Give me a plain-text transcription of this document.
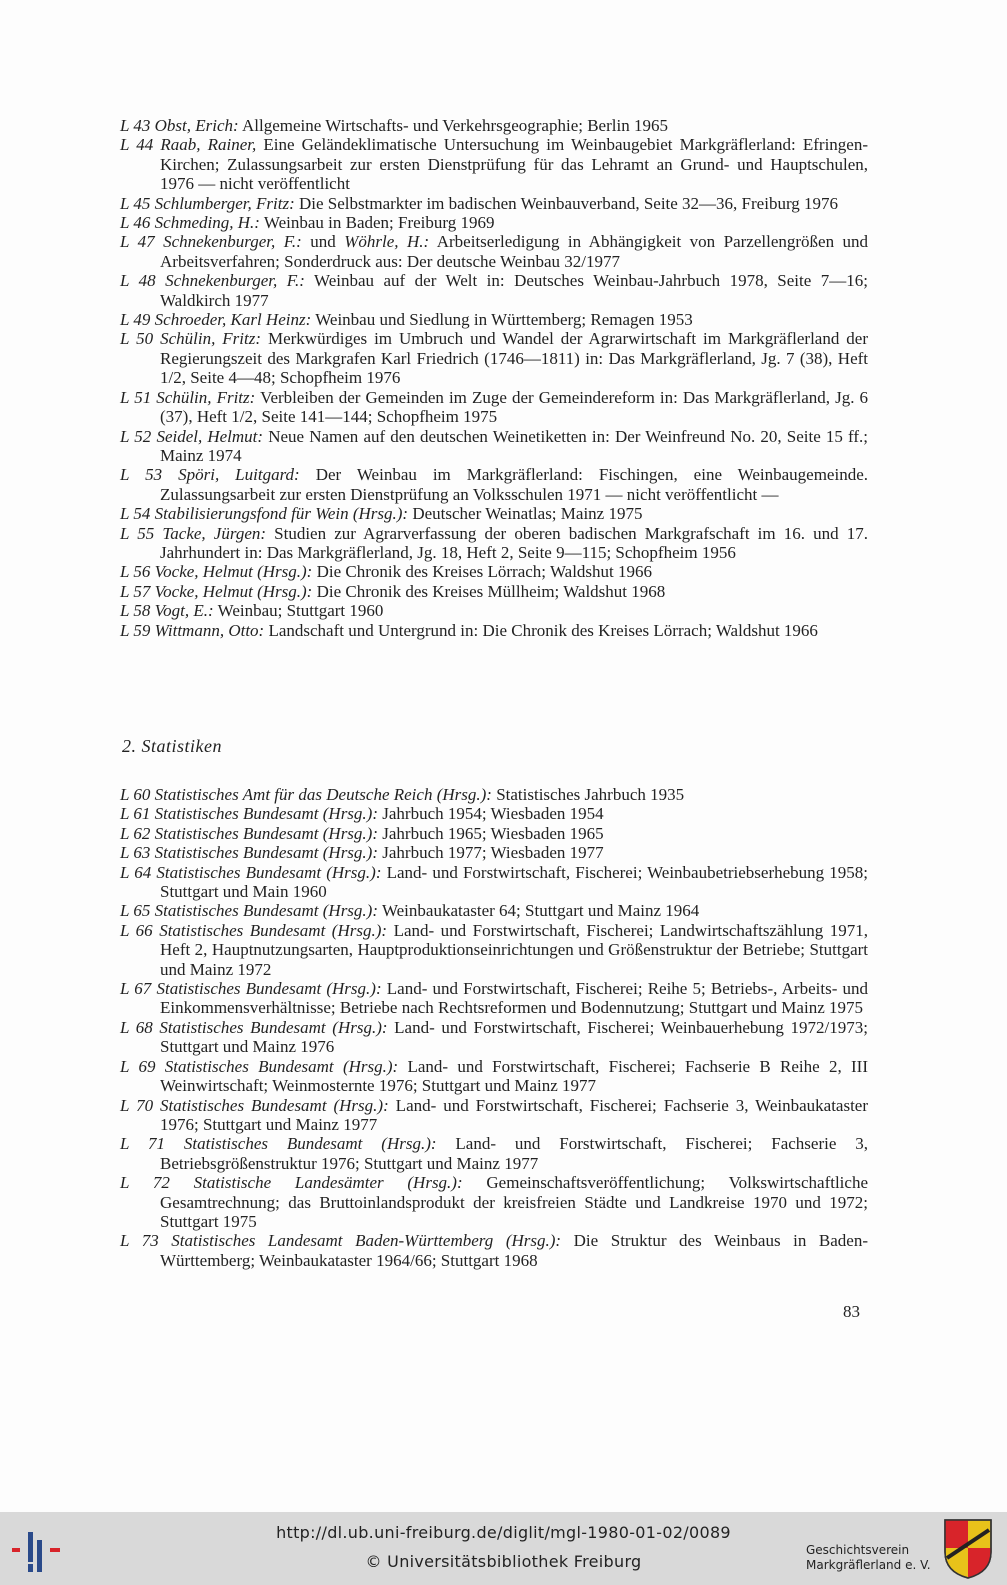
L 43 Obst, Erich: Allgemeine Wirtschafts- und Verkehrsgeographie; Berlin 1965
L 44 Raab, Rainer, Eine Geländeklimatische Untersuchung im Weinbaugebiet Markgräflerland: Efringen-Kirchen; Zulassungsarbeit zur ersten Dienstprüfung für das Lehramt an Grund- und Hauptschulen, 1976 — nicht veröffentlicht
L 45 Schlumberger, Fritz: Die Selbstmarkter im badischen Weinbauverband, Seite 32—36, Freiburg 1976
L 46 Schmeding, H.: Weinbau in Baden; Freiburg 1969
L 47 Schnekenburger, F.: und Wöhrle, H.: Arbeitserledigung in Abhängigkeit von Parzellengrößen und Arbeitsverfahren; Sonderdruck aus: Der deutsche Weinbau 32/1977
L 48 Schnekenburger, F.: Weinbau auf der Welt in: Deutsches Weinbau-Jahrbuch 1978, Seite 7—16; Waldkirch 1977
L 49 Schroeder, Karl Heinz: Weinbau und Siedlung in Württemberg; Remagen 1953
L 50 Schülin, Fritz: Merkwürdiges im Umbruch und Wandel der Agrarwirtschaft im Markgräflerland der Regierungszeit des Markgrafen Karl Friedrich (1746—1811) in: Das Markgräflerland, Jg. 7 (38), Heft 1/2, Seite 4—48; Schopfheim 1976
L 51 Schülin, Fritz: Verbleiben der Gemeinden im Zuge der Gemeindereform in: Das Markgräflerland, Jg. 6 (37), Heft 1/2, Seite 141—144; Schopfheim 1975
L 52 Seidel, Helmut: Neue Namen auf den deutschen Weinetiketten in: Der Weinfreund No. 20, Seite 15 ff.; Mainz 1974
L 53 Spöri, Luitgard: Der Weinbau im Markgräflerland: Fischingen, eine Weinbaugemeinde. Zulassungsarbeit zur ersten Dienstprüfung an Volksschulen 1971 — nicht veröffentlicht —
L 54 Stabilisierungsfond für Wein (Hrsg.): Deutscher Weinatlas; Mainz 1975
L 55 Tacke, Jürgen: Studien zur Agrarverfassung der oberen badischen Markgrafschaft im 16. und 17. Jahrhundert in: Das Markgräflerland, Jg. 18, Heft 2, Seite 9—115; Schopfheim 1956
L 56 Vocke, Helmut (Hrsg.): Die Chronik des Kreises Lörrach; Waldshut 1966
L 57 Vocke, Helmut (Hrsg.): Die Chronik des Kreises Müllheim; Waldshut 1968
L 58 Vogt, E.: Weinbau; Stuttgart 1960
L 59 Wittmann, Otto: Landschaft und Untergrund in: Die Chronik des Kreises Lörrach; Waldshut 1966
2. Statistiken
L 60 Statistisches Amt für das Deutsche Reich (Hrsg.): Statistisches Jahrbuch 1935
L 61 Statistisches Bundesamt (Hrsg.): Jahrbuch 1954; Wiesbaden 1954
L 62 Statistisches Bundesamt (Hrsg.): Jahrbuch 1965; Wiesbaden 1965
L 63 Statistisches Bundesamt (Hrsg.): Jahrbuch 1977; Wiesbaden 1977
L 64 Statistisches Bundesamt (Hrsg.): Land- und Forstwirtschaft, Fischerei; Weinbaubetriebserhebung 1958; Stuttgart und Main 1960
L 65 Statistisches Bundesamt (Hrsg.): Weinbaukataster 64; Stuttgart und Mainz 1964
L 66 Statistisches Bundesamt (Hrsg.): Land- und Forstwirtschaft, Fischerei; Landwirtschaftszählung 1971, Heft 2, Hauptnutzungsarten, Hauptproduktionseinrichtungen und Größenstruktur der Betriebe; Stuttgart und Mainz 1972
L 67 Statistisches Bundesamt (Hrsg.): Land- und Forstwirtschaft, Fischerei; Reihe 5; Betriebs-, Arbeits- und Einkommensverhältnisse; Betriebe nach Rechtsreformen und Bodennutzung; Stuttgart und Mainz 1975
L 68 Statistisches Bundesamt (Hrsg.): Land- und Forstwirtschaft, Fischerei; Weinbauerhebung 1972/1973; Stuttgart und Mainz 1976
L 69 Statistisches Bundesamt (Hrsg.): Land- und Forstwirtschaft, Fischerei; Fachserie B Reihe 2, III Weinwirtschaft; Weinmosternte 1976; Stuttgart und Mainz 1977
L 70 Statistisches Bundesamt (Hrsg.): Land- und Forstwirtschaft, Fischerei; Fachserie 3, Weinbaukataster 1976; Stuttgart und Mainz 1977
L 71 Statistisches Bundesamt (Hrsg.): Land- und Forstwirtschaft, Fischerei; Fachserie 3, Betriebsgrößenstruktur 1976; Stuttgart und Mainz 1977
L 72 Statistische Landesämter (Hrsg.): Gemeinschaftsveröffentlichung; Volkswirtschaftliche Gesamtrechnung; das Bruttoinlandsprodukt der kreisfreien Städte und Landkreise 1970 und 1972; Stuttgart 1975
L 73 Statistisches Landesamt Baden-Württemberg (Hrsg.): Die Struktur des Weinbaus in Baden-Württemberg; Weinbaukataster 1964/66; Stuttgart 1968
83
http://dl.ub.uni-freiburg.de/diglit/mgl-1980-01-02/0089
© Universitätsbibliothek Freiburg
Geschichtsverein
Markgräflerland e. V.
